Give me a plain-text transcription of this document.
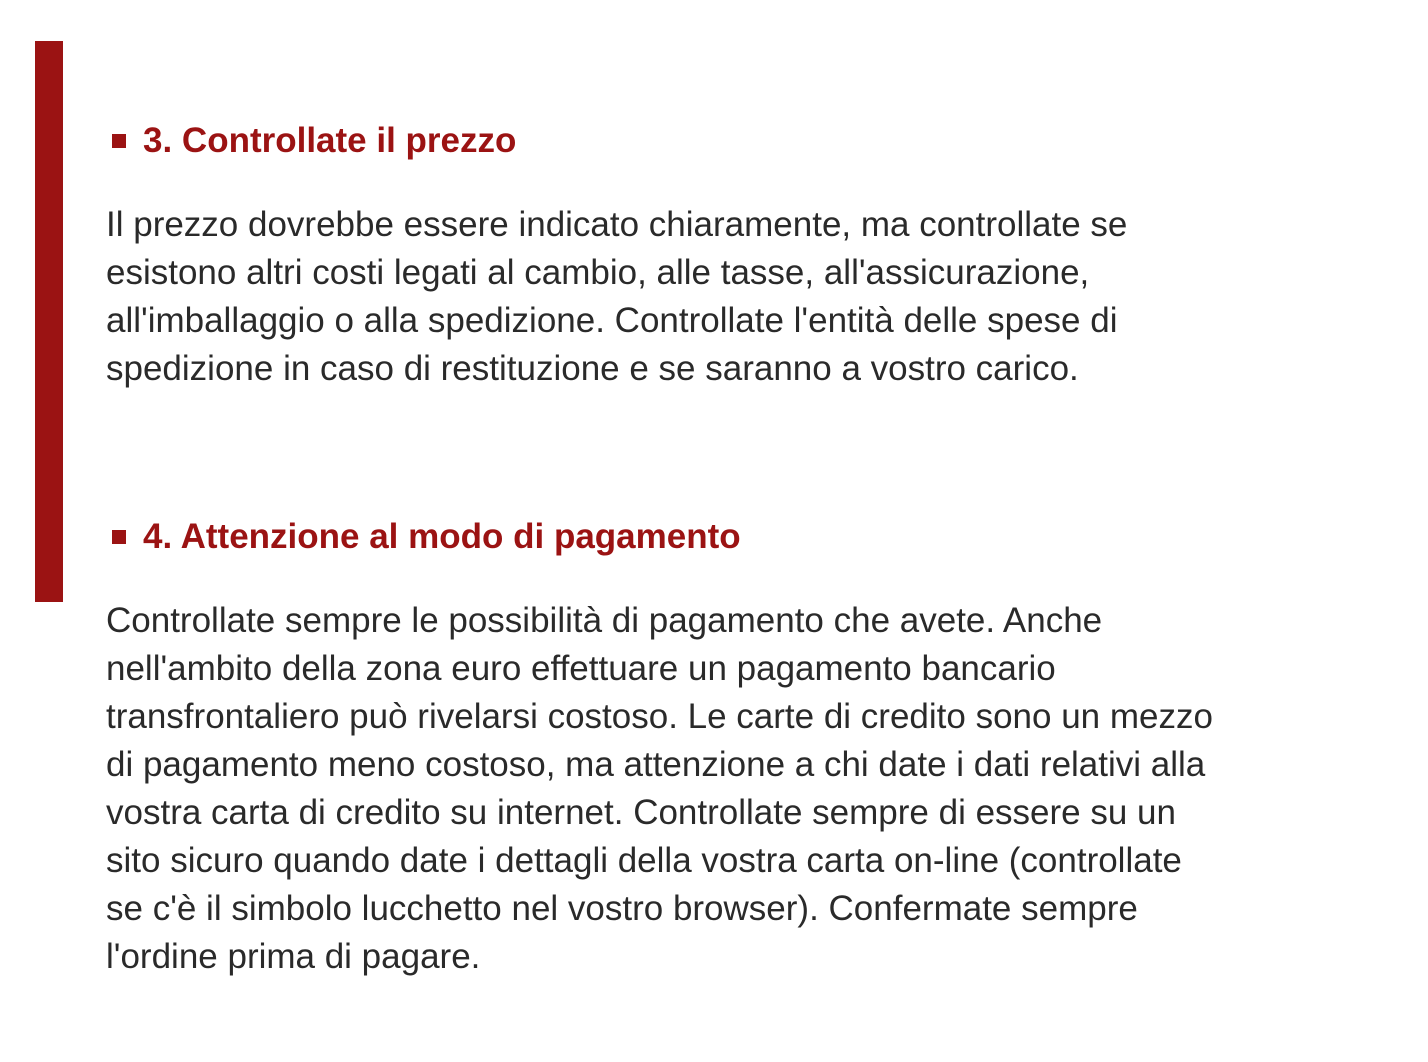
3. Controllate il prezzo

Il prezzo dovrebbe essere indicato chiaramente, ma controllate se
esistono altri costi legati al cambio, alle tasse, all'assicurazione,
all'imballaggio o alla spedizione. Controllate l'entità delle spese di
spedizione in caso di restituzione e se saranno a vostro carico.

4. Attenzione al modo di pagamento

Controllate sempre le possibilità di pagamento che avete. Anche
nell'ambito della zona euro effettuare un pagamento bancario
transfrontaliero può rivelarsi costoso. Le carte di credito sono un mezzo
di pagamento meno costoso, ma attenzione a chi date i dati relativi alla
vostra carta di credito su internet. Controllate sempre di essere su un
sito sicuro quando date i dettagli della vostra carta on-line (controllate
se c'è il simbolo lucchetto nel vostro browser). Confermate sempre
l'ordine prima di pagare.
